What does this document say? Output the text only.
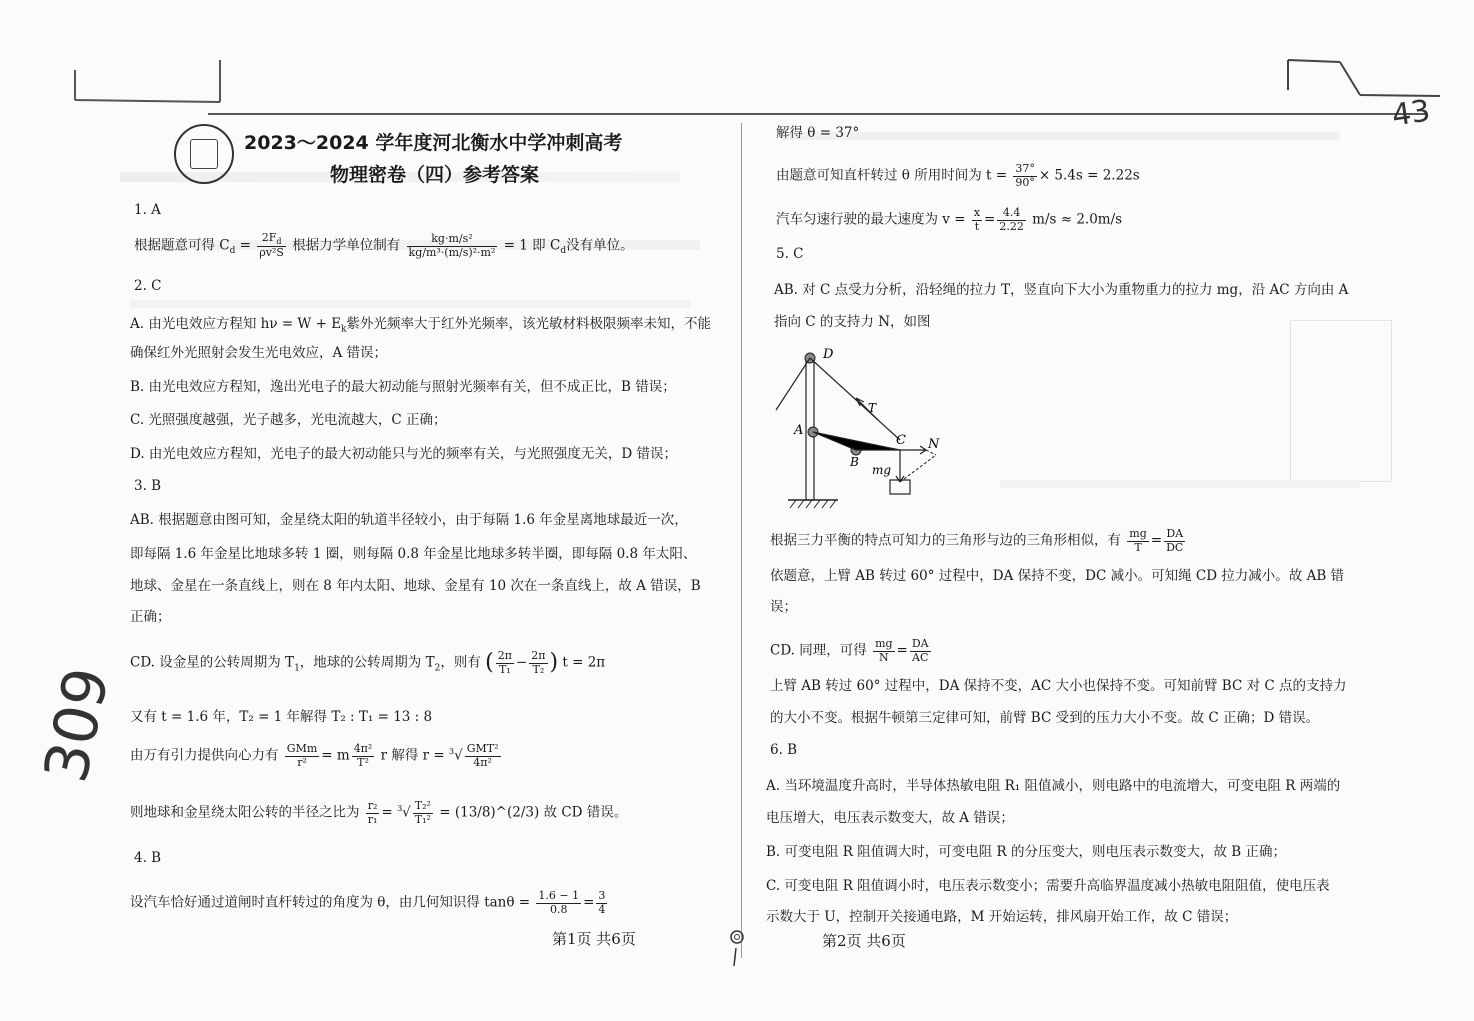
43
309
2023～2024 学年度河北衡水中学冲刺高考
物理密卷（四）参考答案
1. A
根据题意可得 $C_d = \frac{2F_d}{\text{ρv²S}}$ 根据力学单位制有 $\frac{\text{kg·m/s²}}{\text{kg/m³·(m/s)²·m²}} = 1$ 即 $C_d$没有单位。
2. C
A. 由光电效应方程知 $h\nu = W + E_k$紫外光频率大于红外光频率，该光敏材料极限频率未知，不能
确保红外光照射会发生光电效应，A 错误；
B. 由光电效应方程知，逸出光电子的最大初动能与照射光频率有关，但不成正比，B 错误；
C. 光照强度越强，光子越多，光电流越大，C 正确；
D. 由光电效应方程知，光电子的最大初动能只与光的频率有关，与光照强度无关，D 错误；
3. B
AB. 根据题意由图可知，金星绕太阳的轨道半径较小，由于每隔 1.6 年金星离地球最近一次，
即每隔 1.6 年金星比地球多转 1 圈，则每隔 0.8 年金星比地球多转半圈，即每隔 0.8 年太阳、
地球、金星在一条直线上，则在 8 年内太阳、地球、金星有 10 次在一条直线上，故 A 错误，B
正确；
CD. 设金星的公转周期为 $T_1$，地球的公转周期为 $T_2$，则有 ( $\frac{2\pi}{\text{T₁}} - \frac{2\pi}{\text{T₂}}$ ) t = 2π
又有 t = 1.6 年，T₂ = 1 年解得 T₂ : T₁ = 13 : 8
由万有引力提供向心力有 $\frac{\text{GMm}}{\text{r²}} = m \frac{\text{4π²}}{\text{T²}}$ r 解得 $r = ^3√ \frac{\text{GMT²}}{\text{4π²}}$
则地球和金星绕太阳公转的半径之比为 $\frac{\text{r₂}}{\text{r₁}} = ^3√ \frac{\text{T₂²}}{\text{T₁²}}$ = (13/8)^(2/3) 故 CD 错误。
4. B
设汽车恰好通过道闸时直杆转过的角度为 θ，由几何知识得 $\tan\theta = \frac{1.6 - 1}{0.8} = \frac{3}{4}$
第1页 共6页
解得 θ = 37°
由题意可知直杆转过 θ 所用时间为 $t = \frac{37^\circ}{90^\circ} \times 5.4s = 2.22s$
汽车匀速行驶的最大速度为 $v = \frac{x}{t} = \frac{4.4}{2.22} m/s \approx 2.0m/s$
5. C
AB. 对 C 点受力分析，沿轻绳的拉力 T，竖直向下大小为重物重力的拉力 mg，沿 AC 方向由 A
指向 C 的支持力 N，如图
D
T
A
B
C N
mg
根据三力平衡的特点可知力的三角形与边的三角形相似，有 $\frac{mg}{T} = \frac{DA}{DC}$
依题意，上臂 AB 转过 60° 过程中，DA 保持不变，DC 减小。可知绳 CD 拉力减小。故 AB 错
误；
CD. 同理，可得 $\frac{mg}{N} = \frac{DA}{AC}$
上臂 AB 转过 60° 过程中，DA 保持不变，AC 大小也保持不变。可知前臂 BC 对 C 点的支持力
的大小不变。根据牛顿第三定律可知，前臂 BC 受到的压力大小不变。故 C 正确；D 错误。
6. B
A. 当环境温度升高时，半导体热敏电阻 R₁ 阻值减小，则电路中的电流增大，可变电阻 R 两端的
电压增大，电压表示数变大，故 A 错误；
B. 可变电阻 R 阻值调大时，可变电阻 R 的分压变大，则电压表示数变大，故 B 正确；
C. 可变电阻 R 阻值调小时，电压表示数变小；需要升高临界温度减小热敏电阻阻值，使电压表
示数大于 U，控制开关接通电路，M 开始运转，排风扇开始工作，故 C 错误；
第2页 共6页
